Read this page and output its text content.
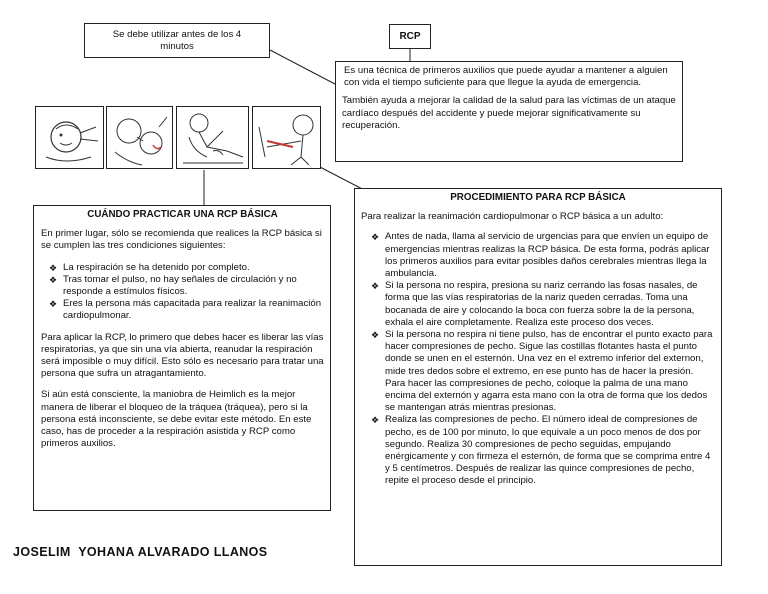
Se debe utilizar antes de los 4 minutos
RCP

Es una técnica de primeros auxilios que puede ayudar a mantener a alguien con vida el tiempo suficiente para que llegue la ayuda de emergencia.

También ayuda a mejorar la calidad de la salud para las víctimas de un ataque cardíaco después del accidente y puede mejorar significativamente su recuperación.

CUÁNDO PRACTICAR UNA RCP BÁSICA

En primer lugar, sólo se recomienda que realices la RCP básica si se cumplen las tres condiciones siguientes:

❖ La respiración se ha detenido por completo.
❖ Tras tomar el pulso, no hay señales de circulación y no responde a estímulos físicos.
❖ Eres la persona más capacitada para realizar la reanimación cardiopulmonar.

Para aplicar la RCP, lo primero que debes hacer es liberar las vías respiratorias, ya que sin una vía abierta, reanudar la respiración será imposible o muy difícil. Esto sólo es necesario para tratar una persona que sufra un atragantamiento.

Si aún está consciente, la maniobra de Heimlich es la mejor manera de liberar el bloqueo de la tráquea (tráquea), pero si la persona está inconsciente, se debe evitar este método. En este caso, has de proceder a la respiración asistida y RCP como primeros auxilios.

PROCEDIMIENTO PARA RCP BÁSICA

Para realizar la reanimación cardiopulmonar o RCP básica a un adulto:

❖ Antes de nada, llama al servicio de urgencias para que envíen un equipo de emergencias mientras realizas la RCP básica. De esta forma, podrás aplicar los primeros auxilios para evitar posibles daños cerebrales mientras llega la ambulancia.
❖ Si la persona no respira, presiona su nariz cerrando las fosas nasales, de forma que las vías respiratorias de la nariz queden cerradas. Toma una bocanada de aire y colocando la boca con fuerza sobre la de la persona, exhala el aire completamente. Realiza este proceso dos veces.
❖ Si la persona no respira ni tiene pulso, has de encontrar el punto exacto para hacer compresiones de pecho. Sigue las costillas flotantes hasta el punto donde se unen en el esternón. Una vez en el extremo inferior del externon, mide tres dedos sobre el extremo, en ese punto has de hacer la presión. Para hacer las compresiones de pecho, coloque la palma de una mano encima del externón y agarra esta mano con la otra de forma que los dedos se mantengan atrás mientras presionas.
❖ Realiza las compresiones de pecho. El número ideal de compresiones de pecho, es de 100 por minuto, lo que equivale a un poco menos de dos por segundo. Realiza 30 compresiones de pecho seguidas, empujando enérgicamente y con firmeza el esternón, de forma que se comprima entre 4 y 5 centímetros. Después de realizar las quince compresiones de pecho, repite el proceso desde el principio.
JOSELIM  YOHANA ALVARADO LLANOS
